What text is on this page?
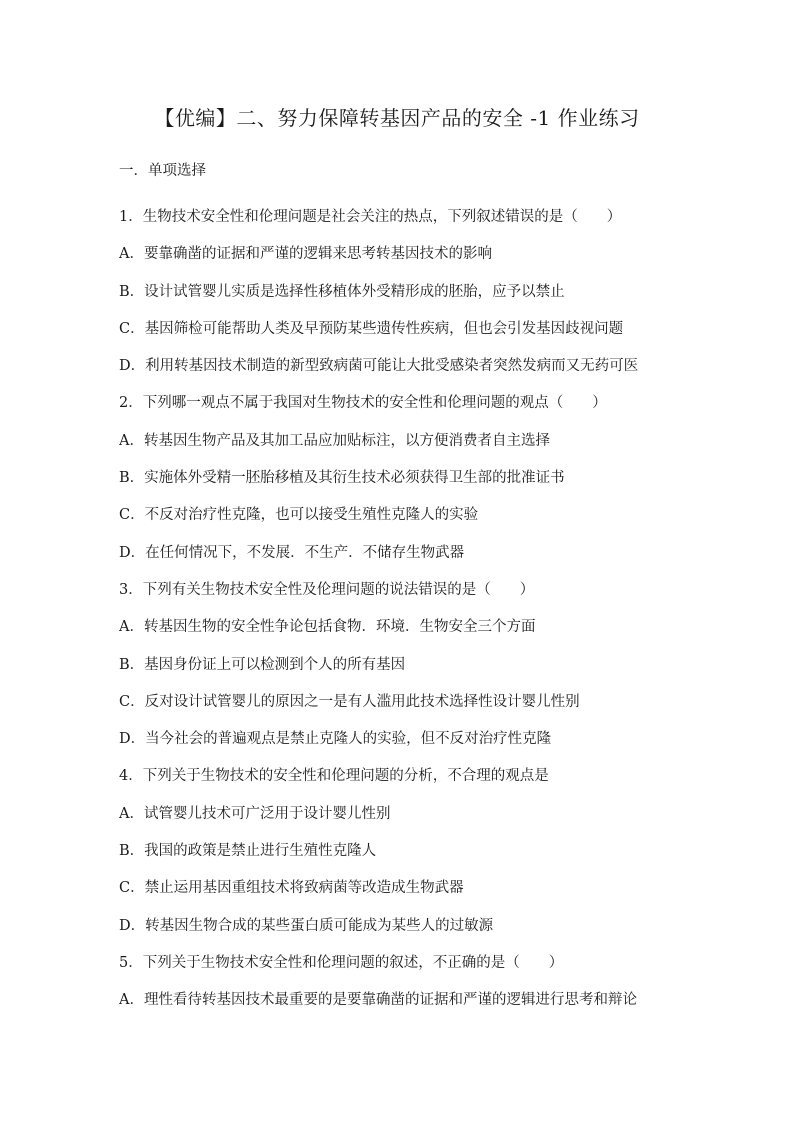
【优编】二、努力保障转基因产品的安全 -1 作业练习
一．单项选择
1．生物技术安全性和伦理问题是社会关注的热点，下列叙述错误的是（　　）
A．要靠确凿的证据和严谨的逻辑来思考转基因技术的影响
B．设计试管婴儿实质是选择性移植体外受精形成的胚胎，应予以禁止
C．基因筛检可能帮助人类及早预防某些遗传性疾病，但也会引发基因歧视问题
D．利用转基因技术制造的新型致病菌可能让大批受感染者突然发病而又无药可医
2．下列哪一观点不属于我国对生物技术的安全性和伦理问题的观点（　　）
A．转基因生物产品及其加工品应加贴标注，以方便消费者自主选择
B．实施体外受精一胚胎移植及其衍生技术必须获得卫生部的批准证书
C．不反对治疗性克隆，也可以接受生殖性克隆人的实验
D．在任何情况下，不发展．不生产．不储存生物武器
3．下列有关生物技术安全性及伦理问题的说法错误的是（　　）
A．转基因生物的安全性争论包括食物．环境．生物安全三个方面
B．基因身份证上可以检测到个人的所有基因
C．反对设计试管婴儿的原因之一是有人滥用此技术选择性设计婴儿性别
D．当今社会的普遍观点是禁止克隆人的实验，但不反对治疗性克隆
4．下列关于生物技术的安全性和伦理问题的分析，不合理的观点是
A．试管婴儿技术可广泛用于设计婴儿性别
B．我国的政策是禁止进行生殖性克隆人
C．禁止运用基因重组技术将致病菌等改造成生物武器
D．转基因生物合成的某些蛋白质可能成为某些人的过敏源
5．下列关于生物技术安全性和伦理问题的叙述，不正确的是（　　）
A．理性看待转基因技术最重要的是要靠确凿的证据和严谨的逻辑进行思考和辩论
